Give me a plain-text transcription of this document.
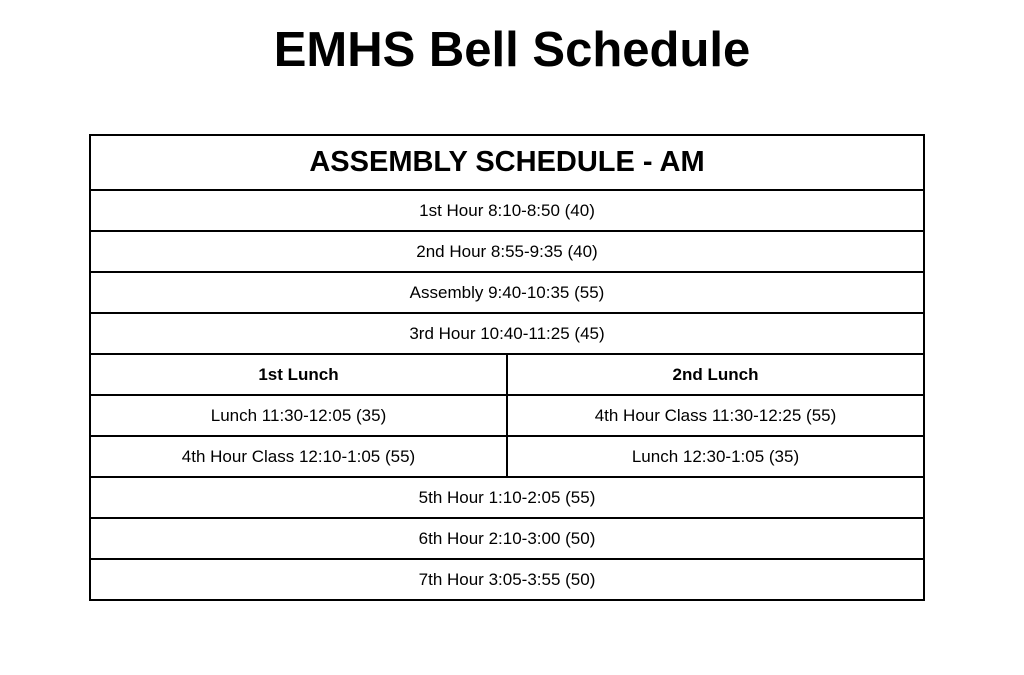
EMHS Bell Schedule
ASSEMBLY SCHEDULE - AM	
1st Hour 8:10-8:50 (40)	
2nd Hour 8:55-9:35 (40)	
Assembly 9:40-10:35 (55)	
3rd Hour 10:40-11:25 (45)	
1st Lunch	2nd Lunch
Lunch 11:30-12:05 (35)	4th Hour Class 11:30-12:25 (55)
4th Hour Class 12:10-1:05 (55)	Lunch 12:30-1:05 (35)
5th Hour 1:10-2:05 (55)	
6th Hour 2:10-3:00 (50)	
7th Hour 3:05-3:55 (50)	
